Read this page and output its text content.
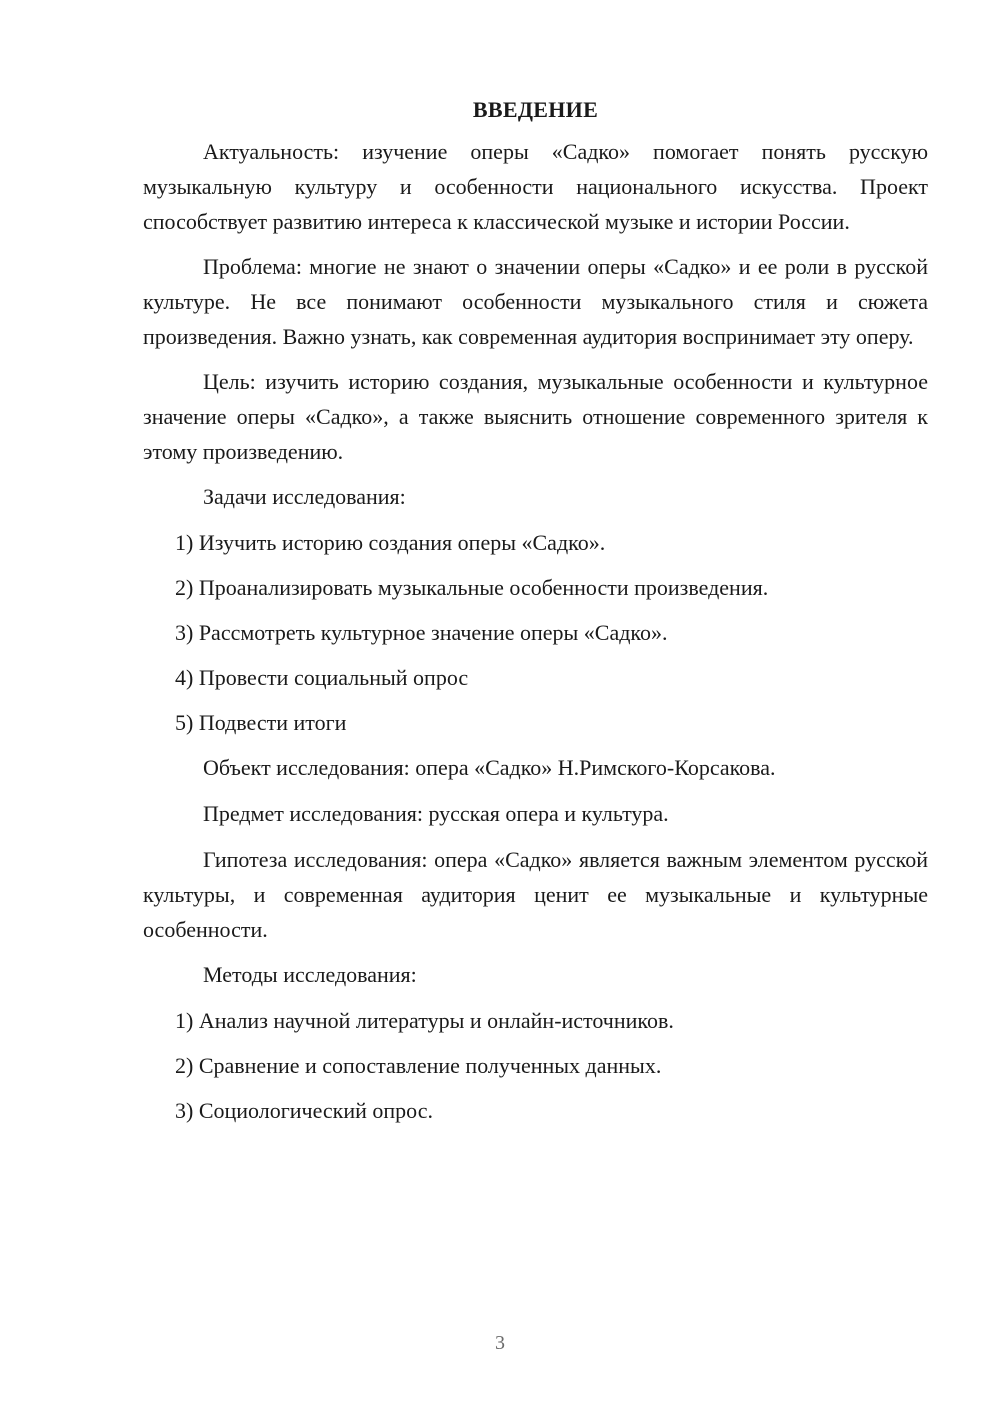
ВВЕДЕНИЕ

Актуальность: изучение оперы «Садко» помогает понять русскую музыкальную культуру и особенности национального искусства. Проект способствует развитию интереса к классической музыке и истории России.

Проблема: многие не знают о значении оперы «Садко» и ее роли в русской культуре. Не все понимают особенности музыкального стиля и сюжета произведения. Важно узнать, как современная аудитория воспринимает эту оперу.

Цель: изучить историю создания, музыкальные особенности и культурное значение оперы «Садко», а также выяснить отношение современного зрителя к этому произведению.

Задачи исследования:

1) Изучить историю создания оперы «Садко».
2) Проанализировать музыкальные особенности произведения.
3) Рассмотреть культурное значение оперы «Садко».
4) Провести социальный опрос
5) Подвести итоги

Объект исследования: опера «Садко» Н.Римского-Корсакова.

Предмет исследования: русская опера и культура.

Гипотеза исследования: опера «Садко» является важным элементом русской культуры, и современная аудитория ценит ее музыкальные и культурные особенности.

Методы исследования:

1) Анализ научной литературы и онлайн-источников.
2) Сравнение и сопоставление полученных данных.
3) Социологический опрос.
3
